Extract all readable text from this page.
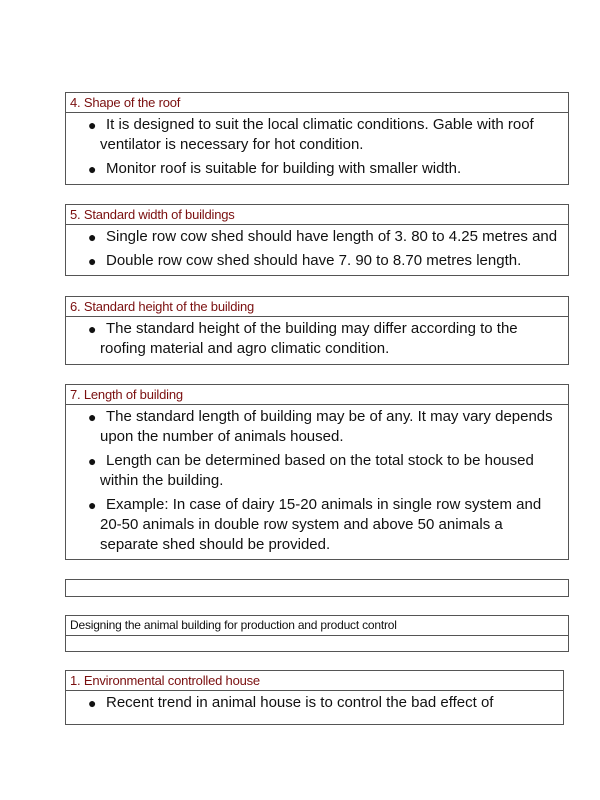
4. Shape of the roof
● It is designed to suit the local climatic conditions. Gable with roof ventilator is necessary for hot condition.
● Monitor roof is suitable for building with smaller width.
5. Standard width of buildings
● Single row cow shed should have length of 3. 80 to 4.25 metres and
● Double row cow shed should have 7. 90 to 8.70 metres length.
6. Standard height of the building
● The standard height of the building may differ according to the roofing material and agro climatic condition.
7. Length of building
● The standard length of building may be of any. It may vary depends upon the number of animals housed.
● Length can be determined based on the total stock to be housed within the building.
● Example: In case of dairy 15-20 animals in single row system and 20-50 animals in double row system and above 50 animals a separate shed should be provided.
Designing the animal building for production and product control
1. Environmental controlled house
● Recent trend in animal house is to control the bad effect of
